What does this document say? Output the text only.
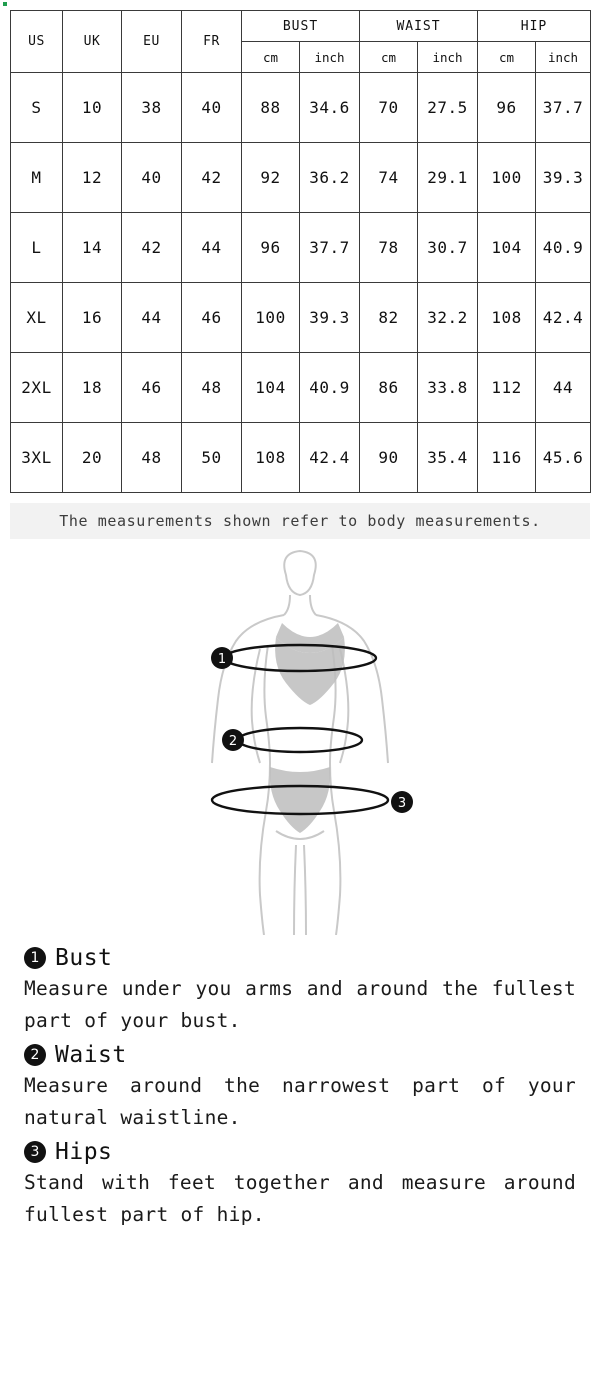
US	UK	EU	FR	BUST		WAIST		HIP	
				cm	inch	cm	inch	cm	inch
S	10	38	40	88	34.6	70	27.5	96	37.7
M	12	40	42	92	36.2	74	29.1	100	39.3
L	14	42	44	96	37.7	78	30.7	104	40.9
XL	16	44	46	100	39.3	82	32.2	108	42.4
2XL	18	46	48	104	40.9	86	33.8	112	44
3XL	20	48	50	108	42.4	90	35.4	116	45.6
The measurements shown refer to body measurements.
1
2
3
1 Bust

Measure under you arms and around the fullest part of your bust.

2 Waist

Measure around the narrowest part of your natural waistline.

3 Hips

Stand with feet together and measure around fullest part of hip.
